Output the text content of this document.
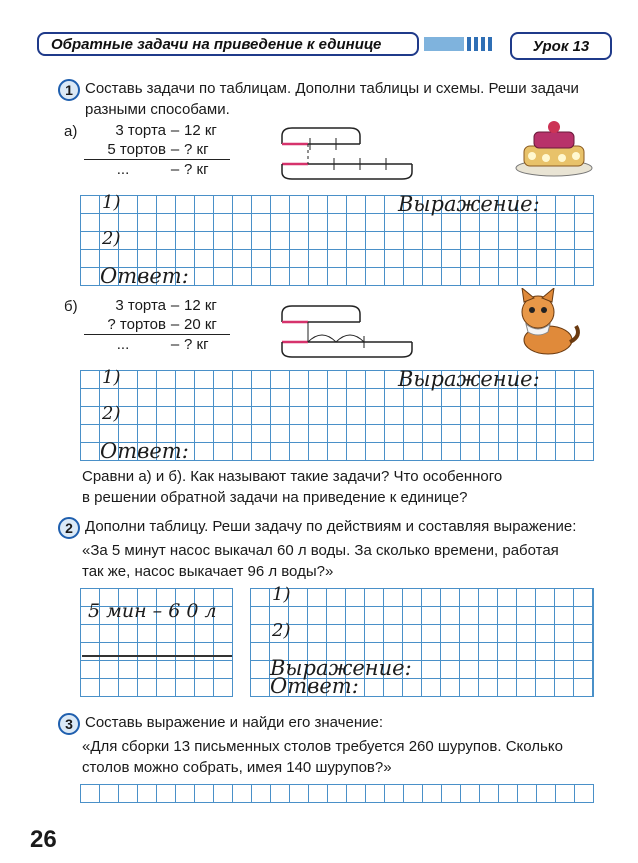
Обратные задачи на приведение к единице	Урок 13
1 Составь задачи по таблицам. Дополни таблицы и схемы. Реши задачи
разными способами.
а)	3 торта – 12 кг
5 тортов – ? кг
...	– ? кг
1)	Выражение:
2)
Ответ:
б)	3 торта – 12 кг
? тортов – 20 кг
...	– ? кг
1)	Выражение:
2)
Ответ:
Сравни а) и б). Как называют такие задачи? Что особенного
в решении обратной задачи на приведение к единице?
2 Дополни таблицу. Реши задачу по действиям и составляя выражение:
«За 5 минут насос выкачал 60 л воды. За сколько времени, работая
так же, насос выкачает 96 л воды?»
5 мин – 6 0 л
1)
2)
Выражение:
Ответ:
3 Составь выражение и найди его значение:
«Для сборки 13 письменных столов требуется 260 шурупов. Сколько
столов можно собрать, имея 140 шурупов?»
26
